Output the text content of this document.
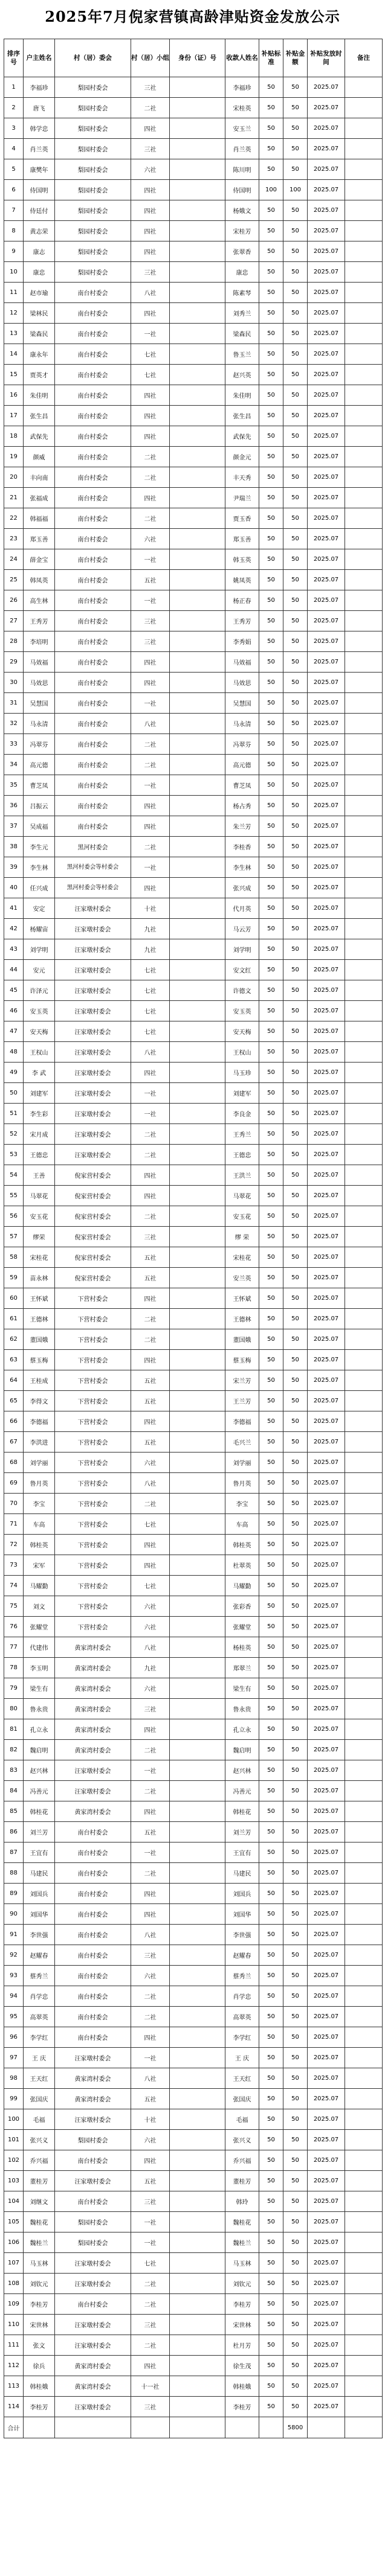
2025年7月倪家营镇高龄津贴资金发放公示
排序号	户主姓名	村（居）委会	村（居）小组	身份（证）号	收款人姓名	补贴标准	补贴金额	补贴发放时间	备注
1	李福珍	梨园村委会	三社		李福珍	50	50	2025.07	
2	唐飞	梨园村委会	二社		宋桂英	50	50	2025.07	
3	韩学忠	梨园村委会	四社		安玉兰	50	50	2025.07	
4	肖兰英	梨园村委会	三社		肖兰英	50	50	2025.07	
5	康樊年	梨园村委会	六社		陈川明	50	50	2025.07	
6	侍国明	梨园村委会	四社		侍国明	100	100	2025.07	
7	侍廷付	梨园村委会	四社		杨娥文	50	50	2025.07	
8	黄志荣	梨园村委会	四社		宋桂芳	50	50	2025.07	
9	康志	梨园村委会	四社		张翠香	50	50	2025.07	
10	康忠	梨园村委会	三社		康忠	50	50	2025.07	
11	赵市瑜	南台村委会	八社		陈素琴	50	50	2025.07	
12	梁林民	南台村委会	四社		刘秀兰	50	50	2025.07	
13	梁森民	南台村委会	一社		梁森民	50	50	2025.07	
14	康永年	南台村委会	七社		鲁玉兰	50	50	2025.07	
15	贾英才	南台村委会	七社		赵兴英	50	50	2025.07	
16	朱佳明	南台村委会	四社		朱佳明	50	50	2025.07	
17	张生昌	南台村委会	四社		张生昌	50	50	2025.07	
18	武保先	南台村委会	四社		武保先	50	50	2025.07	
19	颜威	南台村委会	二社		颜金元	50	50	2025.07	
20	丰向南	南台村委会	二社		丰天秀	50	50	2025.07	
21	张福成	南台村委会	四社		尹瑞兰	50	50	2025.07	
22	韩福福	南台村委会	二社		贾玉香	50	50	2025.07	
23	郑玉善	南台村委会	六社		郑玉善	50	50	2025.07	
24	薛金宝	南台村委会	一社		韩玉英	50	50	2025.07	
25	韩凤英	南台村委会	五社		姚凤英	50	50	2025.07	
26	高生林	南台村委会	一社		杨正春	50	50	2025.07	
27	王秀芳	南台村委会	三社		王秀芳	50	50	2025.07	
28	李培明	南台村委会	三社		李秀娟	50	50	2025.07	
29	马效福	南台村委会	四社		马效福	50	50	2025.07	
30	马效思	南台村委会	四社		马效思	50	50	2025.07	
31	吴慧国	南台村委会	一社		吴慧国	50	50	2025.07	
32	马永清	南台村委会	八社		马永清	50	50	2025.07	
33	冯翠芬	南台村委会	二社		冯翠芬	50	50	2025.07	
34	高元德	南台村委会	二社		高元德	50	50	2025.07	
35	曹芝凤	南台村委会	一社		曹芝凤	50	50	2025.07	
36	吕振云	南台村委会	四社		杨占秀	50	50	2025.07	
37	吴成福	南台村委会	四社		朱兰芳	50	50	2025.07	
38	李生元	黑河村委会	二社		李桂香	50	50	2025.07	
39	李生林	黑河村委会等村委会	一社		李生林	50	50	2025.07	
40	任兴成	黑河村委会等村委会	四社		张兴成	50	50	2025.07	
41	安定	汪家墩村委会	十社		代月英	50	50	2025.07	
42	杨耀宙	汪家墩村委会	九社		马云芳	50	50	2025.07	
43	刘学明	汪家墩村委会	九社		刘学明	50	50	2025.07	
44	安元	汪家墩村委会	七社		安文红	50	50	2025.07	
45	许泽元	汪家墩村委会	七社		许德文	50	50	2025.07	
46	安玉英	汪家墩村委会	七社		安玉英	50	50	2025.07	
47	安天梅	汪家墩村委会	七社		安天梅	50	50	2025.07	
48	王权山	汪家墩村委会	八社		王权山	50	50	2025.07	
49	李 武	汪家墩村委会	四社		马玉珍	50	50	2025.07	
50	刘建军	汪家墩村委会	一社		刘建军	50	50	2025.07	
51	李生彩	汪家墩村委会	一社		李良金	50	50	2025.07	
52	宋月成	汪家墩村委会	二社		王秀兰	50	50	2025.07	
53	王德忠	汪家墩村委会	二社		王德忠	50	50	2025.07	
54	王善	倪家营村委会	四社		王洪兰	50	50	2025.07	
55	马翠花	倪家营村委会	四社		马翠花	50	50	2025.07	
56	安玉花	倪家营村委会	二社		安玉花	50	50	2025.07	
57	缪荣	倪家营村委会	三社		缪 荣	50	50	2025.07	
58	宋桂花	倪家营村委会	五社		宋桂花	50	50	2025.07	
59	苗永林	倪家营村委会	五社		安兰英	50	50	2025.07	
60	王怀斌	下营村委会	四社		王怀斌	50	50	2025.07	
61	王德林	下营村委会	二社		王德林	50	50	2025.07	
62	董国娥	下营村委会	二社		董国娥	50	50	2025.07	
63	蔡玉梅	下营村委会	四社		蔡玉梅	50	50	2025.07	
64	王桂成	下营村委会	五社		宋兰芳	50	50	2025.07	
65	李得文	下营村委会	五社		王兰芳	50	50	2025.07	
66	李德福	下营村委会	四社		李德福	50	50	2025.07	
67	李洪进	下营村委会	五社		毛兴兰	50	50	2025.07	
68	刘学丽	下营村委会	六社		刘学丽	50	50	2025.07	
69	鲁月英	下营村委会	八社		鲁月英	50	50	2025.07	
70	李宝	下营村委会	二社		李宝	50	50	2025.07	
71	车高	下营村委会	七社		车高	50	50	2025.07	
72	韩桂英	下营村委会	四社		韩桂英	50	50	2025.07	
73	宋军	下营村委会	四社		杜翠英	50	50	2025.07	
74	马耀勤	下营村委会	七社		马耀勤	50	50	2025.07	
75	刘文	下营村委会	六社		张彩香	50	50	2025.07	
76	张耀堂	下营村委会	六社		张耀堂	50	50	2025.07	
77	代建伟	黄家湾村委会	八社		杨桂英	50	50	2025.07	
78	李玉明	黄家湾村委会	九社		郑翠兰	50	50	2025.07	
79	梁生有	黄家湾村委会	六社		梁生有	50	50	2025.07	
80	鲁永贵	黄家湾村委会	三社		鲁永贵	50	50	2025.07	
81	孔立永	黄家湾村委会	四社		孔立永	50	50	2025.07	
82	魏启明	黄家湾村委会	二社		魏启明	50	50	2025.07	
83	赵兴林	汪家墩村委会	一社		赵兴林	50	50	2025.07	
84	冯善元	汪家墩村委会	二社		冯善元	50	50	2025.07	
85	韩桂花	黄家湾村委会	四社		韩桂花	50	50	2025.07	
86	刘兰芳	南台村委会	五社		刘兰芳	50	50	2025.07	
87	王宜有	南台村委会	一社		王宜有	50	50	2025.07	
88	马建民	南台村委会	二社		马建民	50	50	2025.07	
89	刘国兵	南台村委会	四社		刘国兵	50	50	2025.07	
90	刘国华	南台村委会	四社		刘国华	50	50	2025.07	
91	李世强	南台村委会	八社		李世强	50	50	2025.07	
92	赵耀春	南台村委会	三社		赵耀春	50	50	2025.07	
93	蔡秀兰	南台村委会	六社		蔡秀兰	50	50	2025.07	
94	肖学忠	南台村委会	二社		肖学忠	50	50	2025.07	
95	高翠英	南台村委会	二社		高翠英	50	50	2025.07	
96	李学红	南台村委会	四社		李学红	50	50	2025.07	
97	王 庆	汪家墩村委会	一社		王 庆	50	50	2025.07	
98	王天红	黄家湾村委会	八社		王天红	50	50	2025.07	
99	张国庆	黄家湾村委会	五社		张国庆	50	50	2025.07	
100	毛福	汪家墩村委会	十社		毛福	50	50	2025.07	
101	张兴义	梨园村委会	六社		张兴义	50	50	2025.07	
102	乔兴福	南台村委会	四社		乔兴福	50	50	2025.07	
103	董桂芳	汪家墩村委会	五社		董桂芳	50	50	2025.07	
104	刘继文	南台村委会	三社		韩玲	50	50	2025.07	
105	魏桂花	梨园村委会	一社		魏桂花	50	50	2025.07	
106	魏桂兰	梨园村委会	一社		魏桂兰	50	50	2025.07	
107	马玉林	汪家墩村委会	七社		马玉林	50	50	2025.07	
108	刘钦元	汪家墩村委会	二社		刘钦元	50	50	2025.07	
109	李桂芳	南台村委会	二社		李桂芳	50	50	2025.07	
110	宋世林	汪家墩村委会	三社		宋世林	50	50	2025.07	
111	张文	汪家墩村委会	二社		杜月芳	50	50	2025.07	
112	徐兵	黄家湾村委会	四社		徐生茂	50	50	2025.07	
113	韩桂娥	黄家湾村委会	十一社		韩桂娥	50	50	2025.07	
114	李桂芳	汪家墩村委会	三社		李桂芳	50	50	2025.07	
合计							5800		
